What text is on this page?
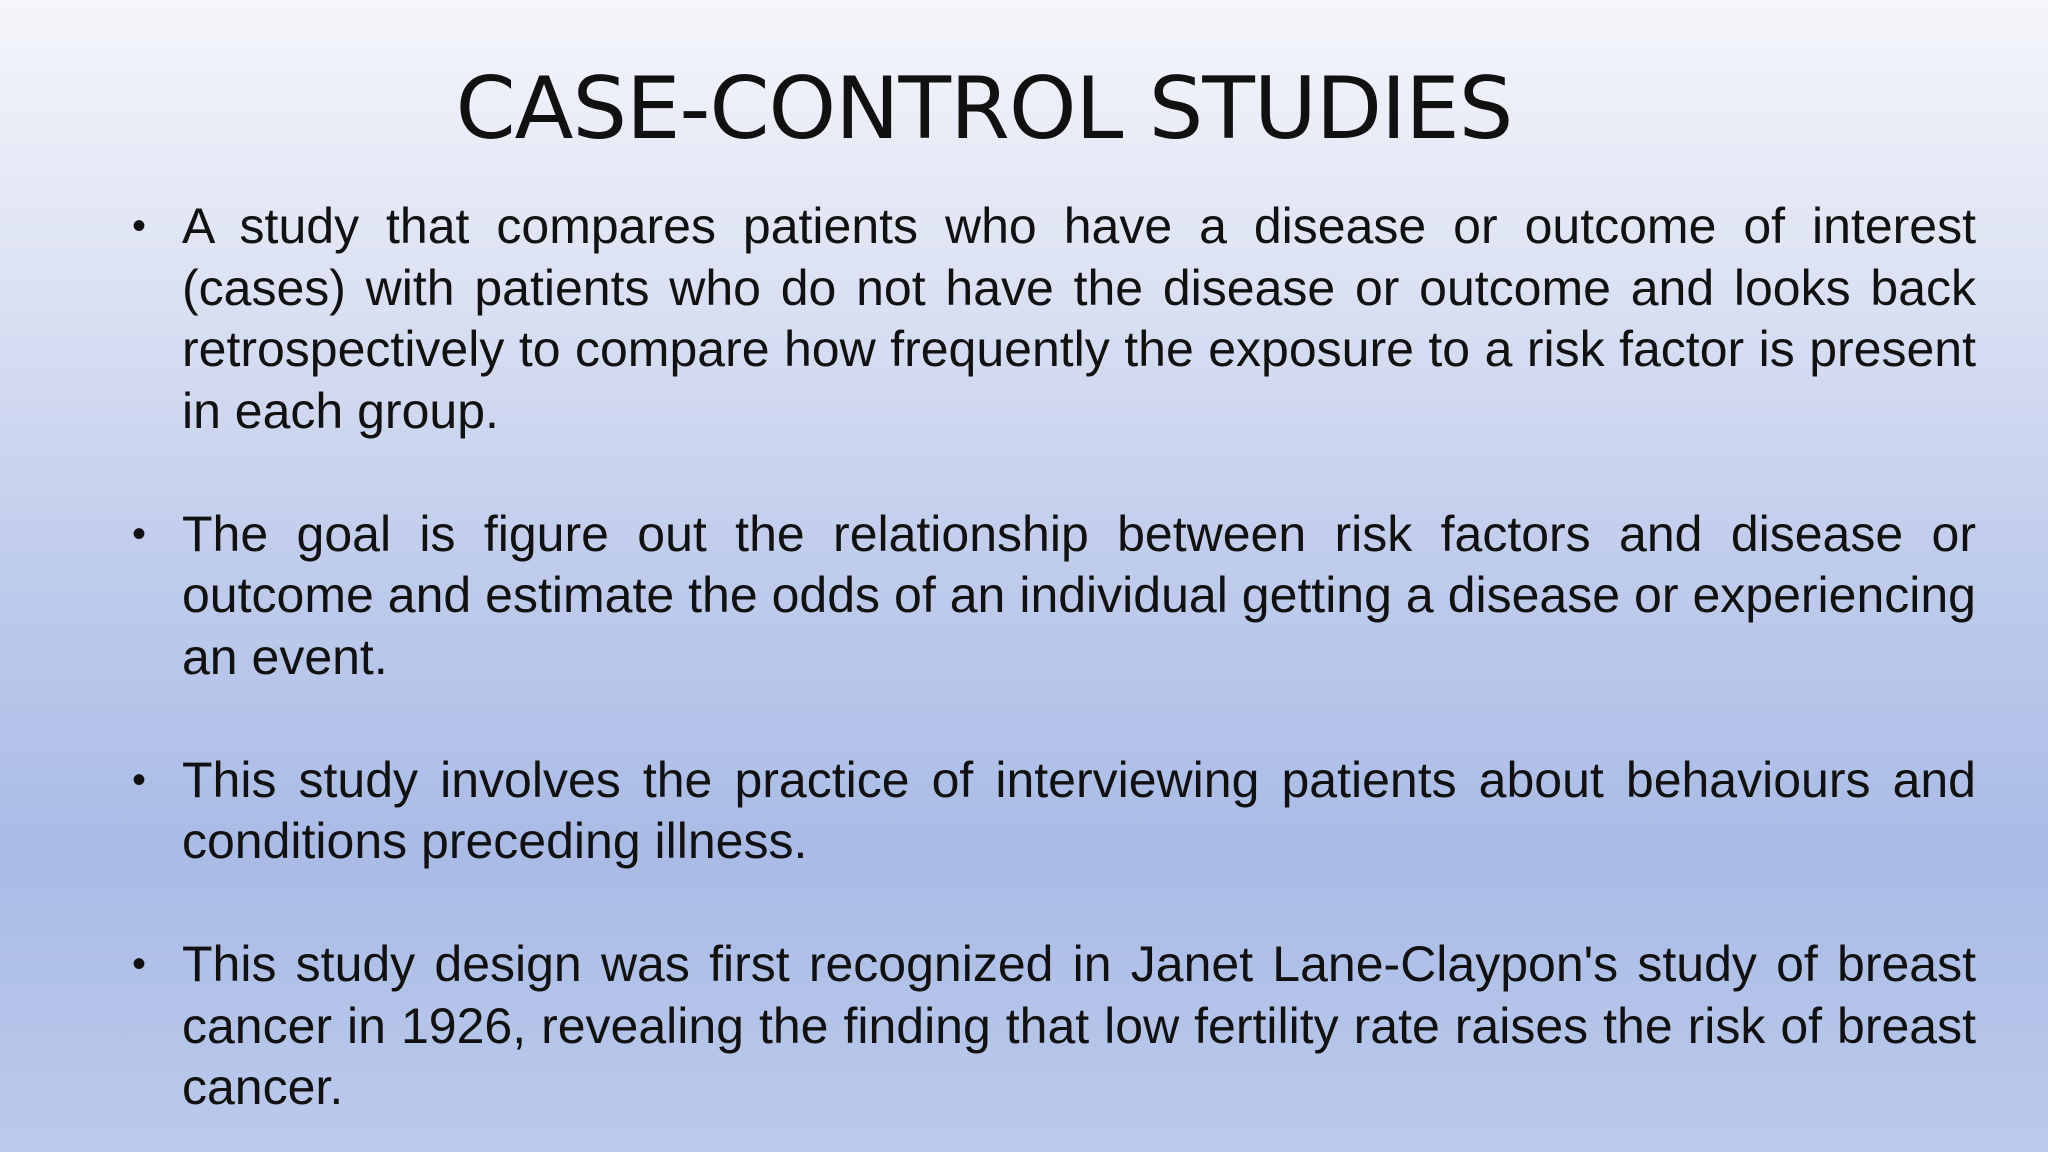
CASE-CONTROL STUDIES
• A study that compares patients who have a disease or outcome of interest (cases) with patients who do not have the disease or outcome and looks back retrospectively to compare how frequently the exposure to a risk factor is present in each group.
• The goal is figure out the relationship between risk factors and disease or outcome and estimate the odds of an individual getting a disease or experiencing an event.
• This study involves the practice of interviewing patients about behaviours and conditions preceding illness.
• This study design was first recognized in Janet Lane-Claypon's study of breast cancer in 1926, revealing the finding that low fertility rate raises the risk of breast cancer.
